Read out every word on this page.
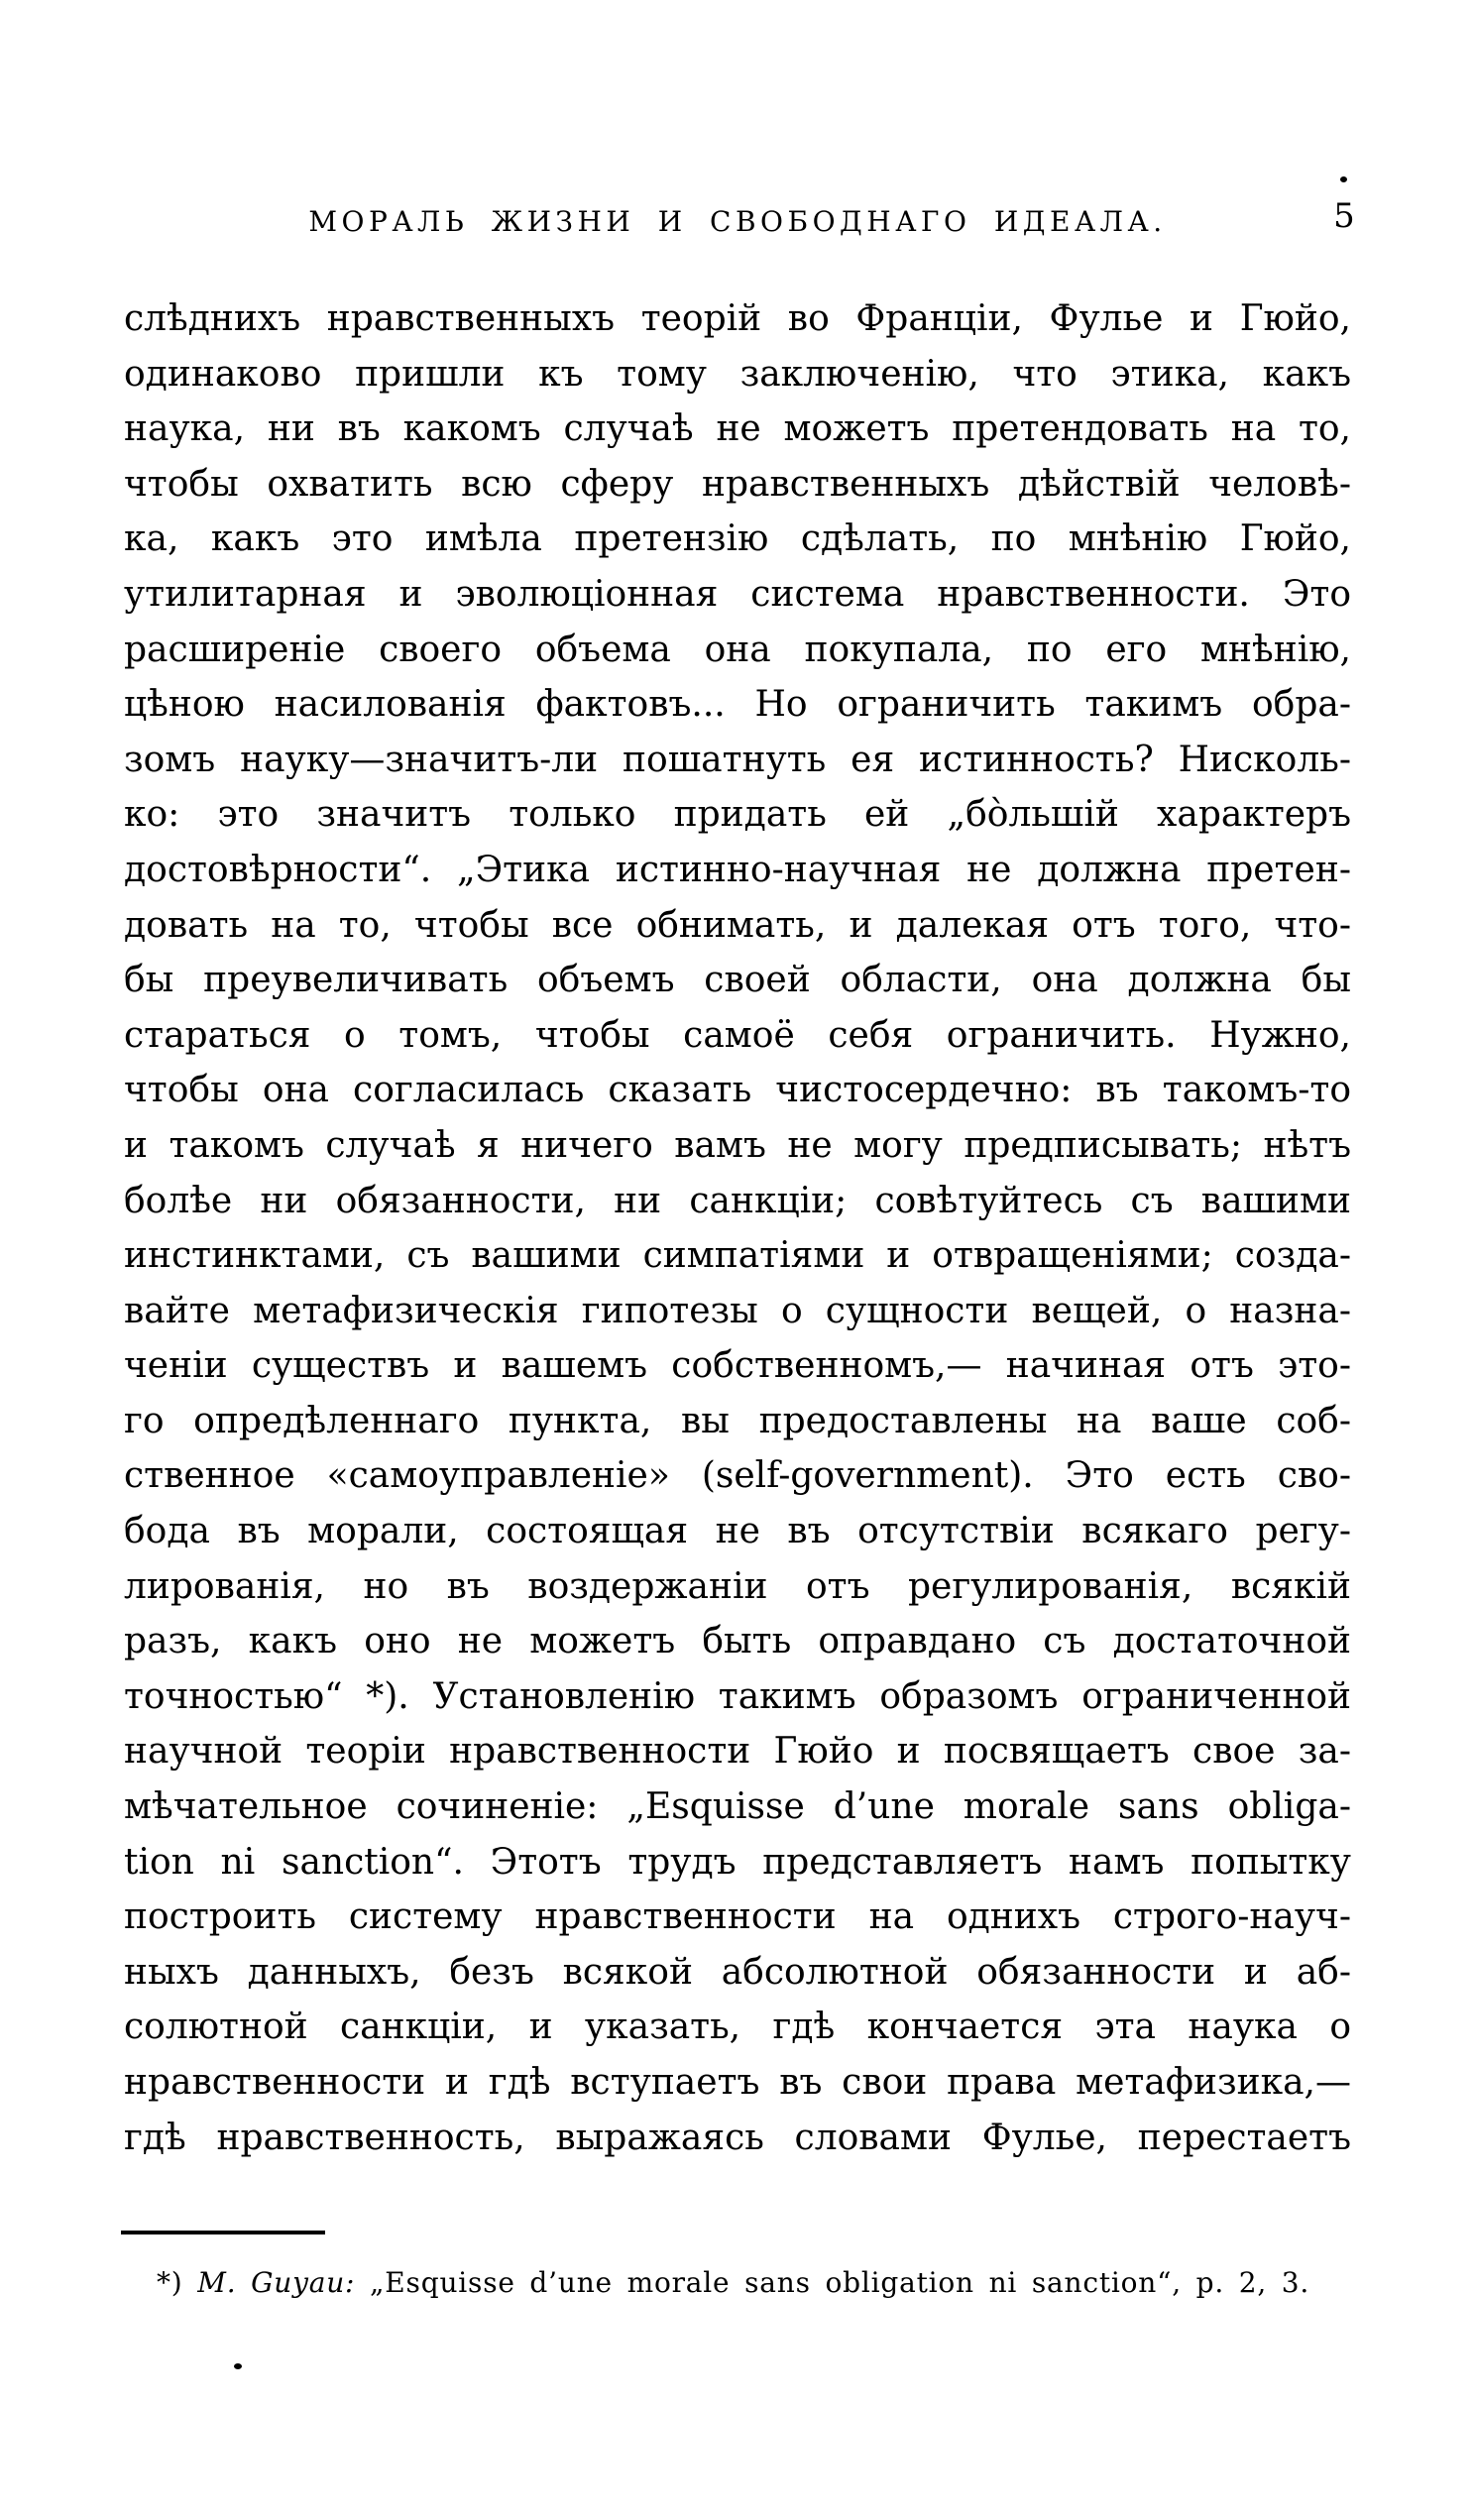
МОРАЛЬ ЖИЗНИ И СВОБОДНАГО ИДЕАЛА.	5
слѣднихъ нравственныхъ теорій во Франціи, Фулье и Гюйо,
одинаково пришли къ тому заключенію, что этика, какъ
наука, ни въ какомъ случаѣ не можетъ претендовать на то,
чтобы охватить всю сферу нравственныхъ дѣйствій человѣ-
ка, какъ это имѣла претензію сдѣлать, по мнѣнію Гюйо,
утилитарная и эволюціонная система нравственности. Это
расширеніе своего объема она покупала, по его мнѣнію,
цѣною насилованія фактовъ... Но ограничить такимъ обра-
зомъ науку—значитъ-ли пошатнуть ея истинность? Нисколь-
ко: это значитъ только придать ей „бо̀льшій характеръ
достовѣрности“. „Этика истинно-научная не должна претен-
довать на то, чтобы все обнимать, и далекая отъ того, что-
бы преувеличивать объемъ своей области, она должна бы
стараться о томъ, чтобы самоё себя ограничить. Нужно,
чтобы она согласилась сказать чистосердечно: въ такомъ-то
и такомъ случаѣ я ничего вамъ не могу предписывать; нѣтъ
болѣе ни обязанности, ни санкціи; совѣтуйтесь съ вашими
инстинктами, съ вашими симпатіями и отвращеніями; созда-
вайте метафизическія гипотезы о сущности вещей, о назна-
ченіи существъ и вашемъ собственномъ,— начиная отъ это-
го опредѣленнаго пункта, вы предоставлены на ваше соб-
ственное «самоуправленіе» (self-government). Это есть сво-
бода въ морали, состоящая не въ отсутствіи всякаго регу-
лированія, но въ воздержаніи отъ регулированія, всякій
разъ, какъ оно не можетъ быть оправдано съ достаточной
точностью“ *). Установленію такимъ образомъ ограниченной
научной теоріи нравственности Гюйо и посвящаетъ свое за-
мѣчательное сочиненіе: „Esquisse d’une morale sans obliga-
tion ni sanction“. Этотъ трудъ представляетъ намъ попытку
построить систему нравственности на однихъ строго-науч-
ныхъ данныхъ, безъ всякой абсолютной обязанности и аб-
солютной санкціи, и указать, гдѣ кончается эта наука о
нравственности и гдѣ вступаетъ въ свои права метафизика,—
гдѣ нравственность, выражаясь словами Фулье, перестаетъ
*) M. Guyau: „Esquisse d’une morale sans obligation ni sanction“, p. 2, 3.
